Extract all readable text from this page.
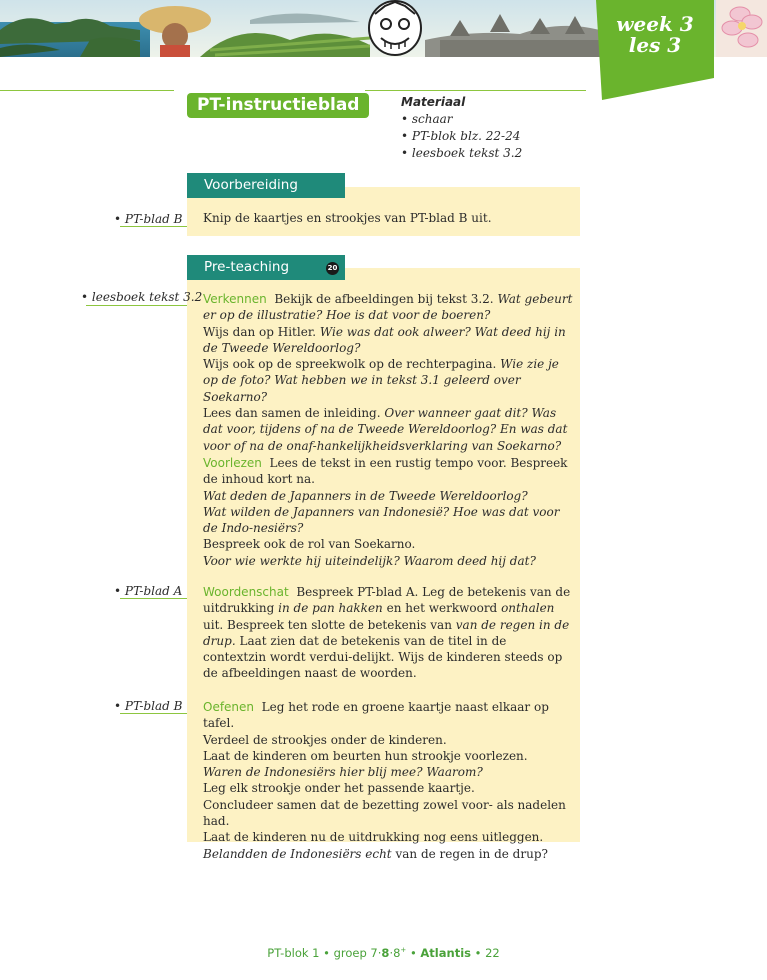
week 3
les 3
PT-instructieblad	Materiaal
• schaar
• PT-blok blz. 22-24
• leesboek tekst 3.2
Voorbereiding
• PT-blad B Knip de kaartjes en strookjes van PT-blad B uit.
Pre-teaching	20
• leesboek tekst 3.2
• PT-blad A
• PT-blad B

Verkennen Bekijk de afbeeldingen bij tekst 3.2. Wat gebeurt er op de illustratie? Hoe is dat voor de boeren?

Wijs dan op Hitler. Wie was dat ook alweer? Wat deed hij in de Tweede Wereldoorlog?

Wijs ook op de spreekwolk op de rechterpagina. Wie zie je op de foto? Wat hebben we in tekst 3.1 geleerd over Soekarno?

Lees dan samen de inleiding. Over wanneer gaat dit? Was dat voor, tijdens of na de Tweede Wereldoorlog? En was dat voor of na de onaf-hankelijkheidsverklaring van Soekarno?

Voorlezen Lees de tekst in een rustig tempo voor. Bespreek de inhoud kort na.

Wat deden de Japanners in de Tweede Wereldoorlog?

Wat wilden de Japanners van Indonesië? Hoe was dat voor de Indo-nesiërs?

Bespreek ook de rol van Soekarno.

Voor wie werkte hij uiteindelijk? Waarom deed hij dat?

Woordenschat Bespreek PT-blad A. Leg de betekenis van de uitdrukking in de pan hakken en het werkwoord onthalen uit. Bespreek ten slotte de betekenis van van de regen in de drup. Laat zien dat de betekenis van de titel in de contextzin wordt verdui-delijkt. Wijs de kinderen steeds op de afbeeldingen naast de woorden.

Oefenen Leg het rode en groene kaartje naast elkaar op tafel.

Verdeel de strookjes onder de kinderen.

Laat de kinderen om beurten hun strookje voorlezen.

Waren de Indonesiërs hier blij mee? Waarom?

Leg elk strookje onder het passende kaartje.

Concludeer samen dat de bezetting zowel voor- als nadelen had.

Laat de kinderen nu de uitdrukking nog eens uitleggen.

Belandden de Indonesiërs echt van de regen in de drup?

PT-blok 1 • groep 7·8·8+ • Atlantis • 22
